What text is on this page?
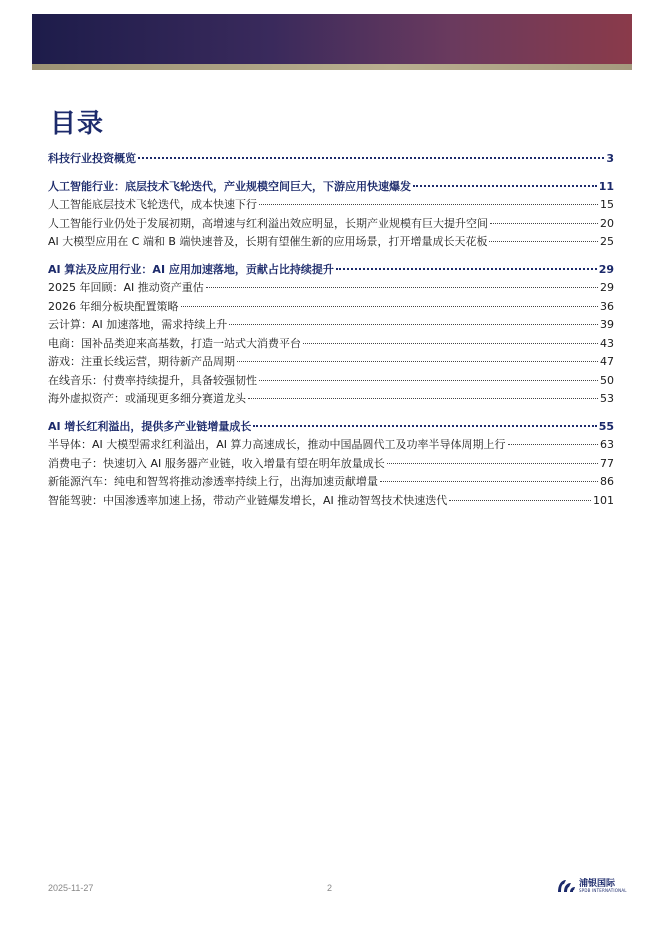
目录
科技行业投资概览	3
人工智能行业：底层技术飞轮迭代，产业规模空间巨大，下游应用快速爆发	11
人工智能底层技术飞轮迭代，成本快速下行	15
人工智能行业仍处于发展初期，高增速与红利溢出效应明显，长期产业规模有巨大提升空间	20
AI 大模型应用在 C 端和 B 端快速普及，长期有望催生新的应用场景，打开增量成长天花板	25
AI 算法及应用行业：AI 应用加速落地，贡献占比持续提升	29
2025 年回顾：AI 推动资产重估	29
2026 年细分板块配置策略	36
云计算：AI 加速落地，需求持续上升	39
电商：国补品类迎来高基数，打造一站式大消费平台	43
游戏：注重长线运营，期待新产品周期	47
在线音乐：付费率持续提升，具备较强韧性	50
海外虚拟资产：或涌现更多细分赛道龙头	53
AI 增长红利溢出，提供多产业链增量成长	55
半导体：AI 大模型需求红利溢出，AI 算力高速成长，推动中国晶圆代工及功率半导体周期上行	63
消费电子：快速切入 AI 服务器产业链，收入增量有望在明年放量成长	77
新能源汽车：纯电和智驾将推动渗透率持续上行，出海加速贡献增量	86
智能驾驶：中国渗透率加速上扬，带动产业链爆发增长，AI 推动智驾技术快速迭代	101
2025-11-27	2	浦银国际
SPDB INTERNATIONAL
